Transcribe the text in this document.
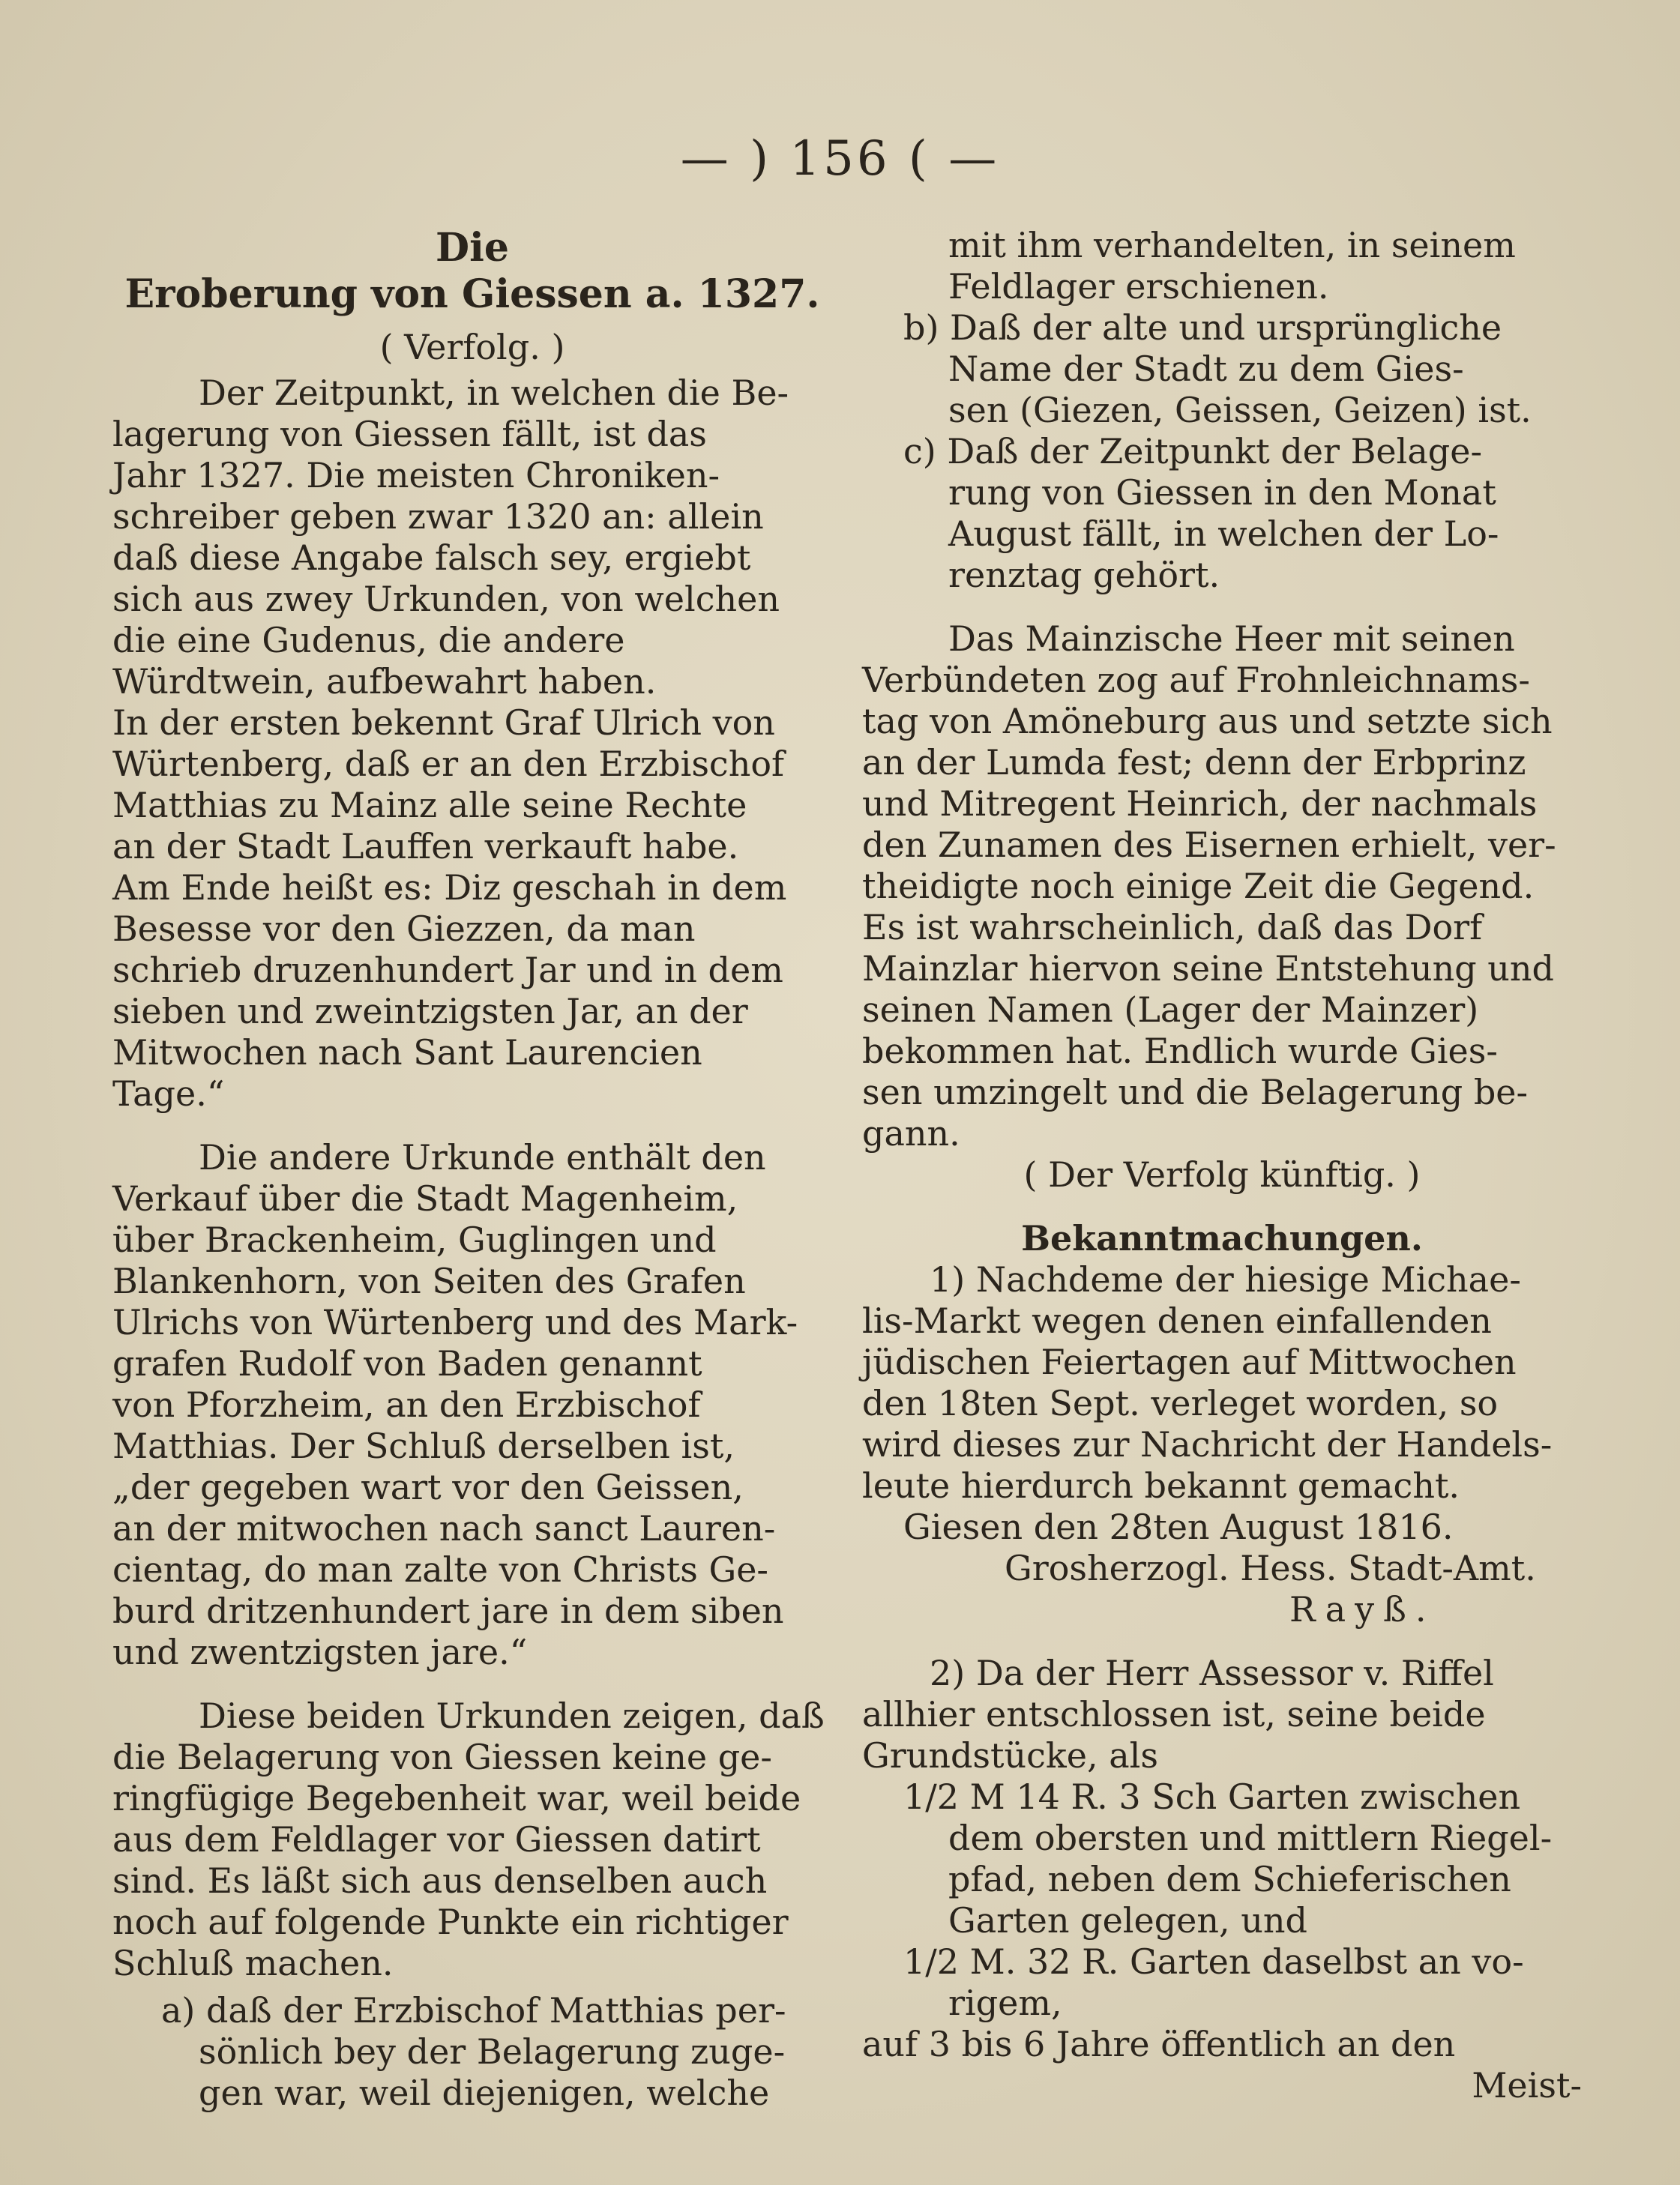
— ) 156 ( —
Die
Eroberung von Giessen a. 1327.
( Verfolg. )
Der Zeitpunkt, in welchen die Be-
lagerung von Giessen fällt, ist das
Jahr 1327. Die meisten Chroniken-
schreiber geben zwar 1320 an: allein
daß diese Angabe falsch sey, ergiebt
sich aus zwey Urkunden, von welchen
die eine Gudenus, die andere
Würdtwein, aufbewahrt haben.
In der ersten bekennt Graf Ulrich von
Würtenberg, daß er an den Erzbischof
Matthias zu Mainz alle seine Rechte
an der Stadt Lauffen verkauft habe.
Am Ende heißt es: Diz geschah in dem
Besesse vor den Giezzen, da man
schrieb druzenhundert Jar und in dem
sieben und zweintzigsten Jar, an der
Mitwochen nach Sant Laurencien
Tage.“
Die andere Urkunde enthält den
Verkauf über die Stadt Magenheim,
über Brackenheim, Guglingen und
Blankenhorn, von Seiten des Grafen
Ulrichs von Würtenberg und des Mark-
grafen Rudolf von Baden genannt
von Pforzheim, an den Erzbischof
Matthias. Der Schluß derselben ist,
„der gegeben wart vor den Geissen,
an der mitwochen nach sanct Lauren-
cientag, do man zalte von Christs Ge-
burd dritzenhundert jare in dem siben
und zwentzigsten jare.“
Diese beiden Urkunden zeigen, daß
die Belagerung von Giessen keine ge-
ringfügige Begebenheit war, weil beide
aus dem Feldlager vor Giessen datirt
sind. Es läßt sich aus denselben auch
noch auf folgende Punkte ein richtiger
Schluß machen.
a) daß der Erzbischof Matthias per-
sönlich bey der Belagerung zuge-
gen war, weil diejenigen, welche
mit ihm verhandelten, in seinem
Feldlager erschienen.
b) Daß der alte und ursprüngliche
Name der Stadt zu dem Gies-
sen (Giezen, Geissen, Geizen) ist.
c) Daß der Zeitpunkt der Belage-
rung von Giessen in den Monat
August fällt, in welchen der Lo-
renztag gehört.
Das Mainzische Heer mit seinen
Verbündeten zog auf Frohnleichnams-
tag von Amöneburg aus und setzte sich
an der Lumda fest; denn der Erbprinz
und Mitregent Heinrich, der nachmals
den Zunamen des Eisernen erhielt, ver-
theidigte noch einige Zeit die Gegend.
Es ist wahrscheinlich, daß das Dorf
Mainzlar hiervon seine Entstehung und
seinen Namen (Lager der Mainzer)
bekommen hat. Endlich wurde Gies-
sen umzingelt und die Belagerung be-
gann.
( Der Verfolg künftig. )
Bekanntmachungen.
1) Nachdeme der hiesige Michae-
lis-Markt wegen denen einfallenden
jüdischen Feiertagen auf Mittwochen
den 18ten Sept. verleget worden, so
wird dieses zur Nachricht der Handels-
leute hierdurch bekannt gemacht.
Giesen den 28ten August 1816.
Grosherzogl. Hess. Stadt-Amt.
Rayß.
2) Da der Herr Assessor v. Riffel
allhier entschlossen ist, seine beide
Grundstücke, als
1/2 M 14 R. 3 Sch Garten zwischen
dem obersten und mittlern Riegel-
pfad, neben dem Schieferischen
Garten gelegen, und
1/2 M. 32 R. Garten daselbst an vo-
rigem,
auf 3 bis 6 Jahre öffentlich an den
Meist-
